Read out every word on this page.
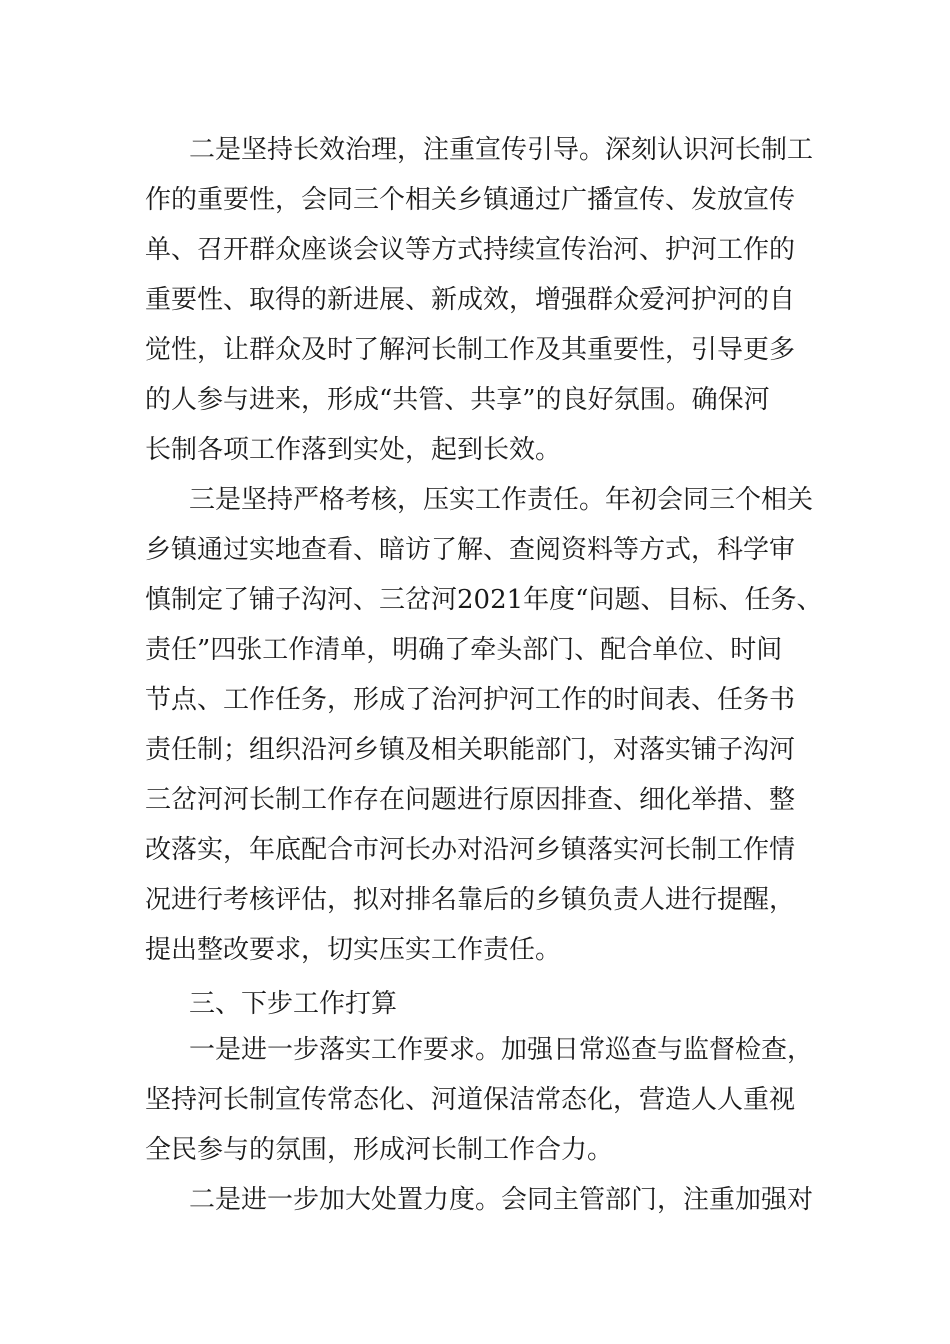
二是坚持长效治理，注重宣传引导。深刻认识河长制工
作的重要性，会同三个相关乡镇通过广播宣传、发放宣传
单、召开群众座谈会议等方式持续宣传治河、护河工作的
重要性、取得的新进展、新成效，增强群众爱河护河的自
觉性，让群众及时了解河长制工作及其重要性，引导更多
的人参与进来，形成“共管、共享”的良好氛围。确保河
长制各项工作落到实处，起到长效。
三是坚持严格考核，压实工作责任。年初会同三个相关
乡镇通过实地查看、暗访了解、查阅资料等方式，科学审
慎制定了铺子沟河、三岔河2021年度“问题、目标、任务、
责任”四张工作清单，明确了牵头部门、配合单位、时间
节点、工作任务，形成了治河护河工作的时间表、任务书
责任制；组织沿河乡镇及相关职能部门，对落实铺子沟河
三岔河河长制工作存在问题进行原因排查、细化举措、整
改落实，年底配合市河长办对沿河乡镇落实河长制工作情
况进行考核评估，拟对排名靠后的乡镇负责人进行提醒，
提出整改要求，切实压实工作责任。
三、下步工作打算
一是进一步落实工作要求。加强日常巡查与监督检查，
坚持河长制宣传常态化、河道保洁常态化，营造人人重视
全民参与的氛围，形成河长制工作合力。
二是进一步加大处置力度。会同主管部门，注重加强对
